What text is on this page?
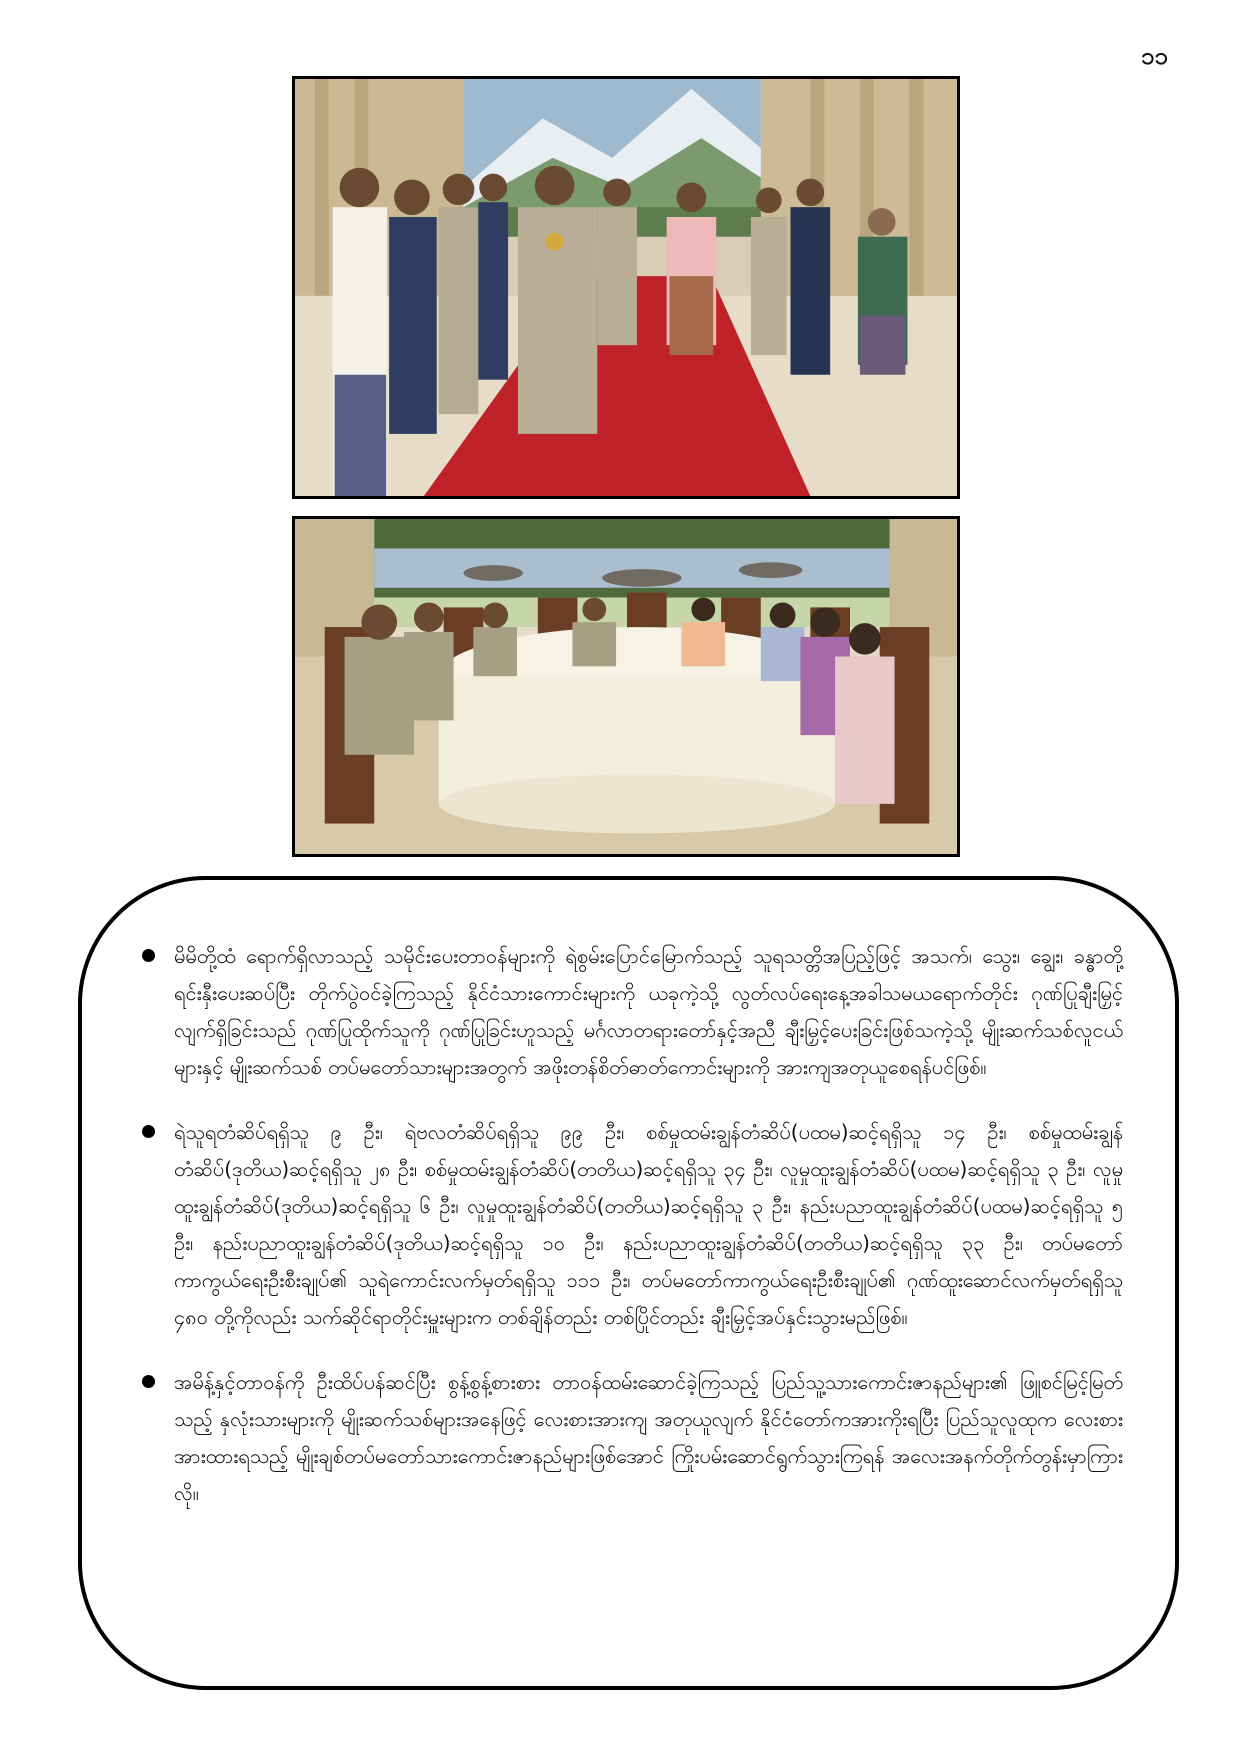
၁၁
မိမိတို့ထံ ရောက်ရှိလာသည့် သမိုင်းပေးတာဝန်များကို ရဲစွမ်းပြောင်မြောက်သည့် သူရသတ္တိအပြည့်ဖြင့် အသက်၊ သွေး၊ ချွေး၊ ခန္ဓာတို့ ရင်းနှီးပေးဆပ်ပြီး တိုက်ပွဲဝင်ခဲ့ကြသည့် နိုင်ငံသားကောင်းများကို ယခုကဲ့သို့ လွတ်လပ်ရေးနေ့အခါသမယရောက်တိုင်း ဂုဏ်ပြုချီးမြှင့်လျက်ရှိခြင်းသည် ဂုဏ်ပြုထိုက်သူကို ဂုဏ်ပြုခြင်းဟူသည့် မင်္ဂလာတရားတော်နှင့်အညီ ချီးမြှင့်ပေးခြင်းဖြစ်သကဲ့သို့ မျိုးဆက်သစ်လူငယ်များနှင့် မျိုးဆက်သစ် တပ်မတော်သားများအတွက် အဖိုးတန်စိတ်ဓာတ်ကောင်းများကို အားကျအတုယူစေရန်ပင်ဖြစ်။
ရဲသူရတံဆိပ်ရရှိသူ ၉ ဦး၊ ရဲဗလတံဆိပ်ရရှိသူ ၉၉ ဦး၊ စစ်မှုထမ်းချွန်တံဆိပ်(ပထမ)ဆင့်ရရှိသူ ၁၄ ဦး၊ စစ်မှုထမ်းချွန်တံဆိပ်(ဒုတိယ)ဆင့်ရရှိသူ ၂၈ ဦး၊ စစ်မှုထမ်းချွန်တံဆိပ်(တတိယ)ဆင့်ရရှိသူ ၃၄ ဦး၊ လူမှုထူးချွန်တံဆိပ်(ပထမ)ဆင့်ရရှိသူ ၃ ဦး၊ လူမှုထူးချွန်တံဆိပ်(ဒုတိယ)ဆင့်ရရှိသူ ၆ ဦး၊ လူမှုထူးချွန်တံဆိပ်(တတိယ)ဆင့်ရရှိသူ ၃ ဦး၊ နည်းပညာထူးချွန်တံဆိပ်(ပထမ)ဆင့်ရရှိသူ ၅ ဦး၊ နည်းပညာထူးချွန်တံဆိပ်(ဒုတိယ)ဆင့်ရရှိသူ ၁၀ ဦး၊ နည်းပညာထူးချွန်တံဆိပ်(တတိယ)ဆင့်ရရှိသူ ၃၃ ဦး၊ တပ်မတော်ကာကွယ်ရေးဦးစီးချုပ်၏ သူရဲကောင်းလက်မှတ်ရရှိသူ ၁၁၁ ဦး၊ တပ်မတော်ကာကွယ်ရေးဦးစီးချုပ်၏ ဂုဏ်ထူးဆောင်လက်မှတ်ရရှိသူ ၄၈၀ တို့ကိုလည်း သက်ဆိုင်ရာတိုင်းမှူးများက တစ်ချိန်တည်း တစ်ပြိုင်တည်း ချီးမြှင့်အပ်နှင်းသွားမည်ဖြစ်။
အမိန့်နှင့်တာဝန်ကို ဦးထိပ်ပန်ဆင်ပြီး စွန့်စွန့်စားစား တာဝန်ထမ်းဆောင်ခဲ့ကြသည့် ပြည်သူ့သားကောင်းဇာနည်များ၏ ဖြူစင်မြင့်မြတ်သည့် နှလုံးသားများကို မျိုးဆက်သစ်များအနေဖြင့် လေးစားအားကျ အတုယူလျက် နိုင်ငံတော်ကအားကိုးရပြီး ပြည်သူလူထုက လေးစားအားထားရသည့် မျိုးချစ်တပ်မတော်သားကောင်းဇာနည်များဖြစ်အောင် ကြိုးပမ်းဆောင်ရွက်သွားကြရန် အလေးအနက်တိုက်တွန်းမှာကြားလို။
